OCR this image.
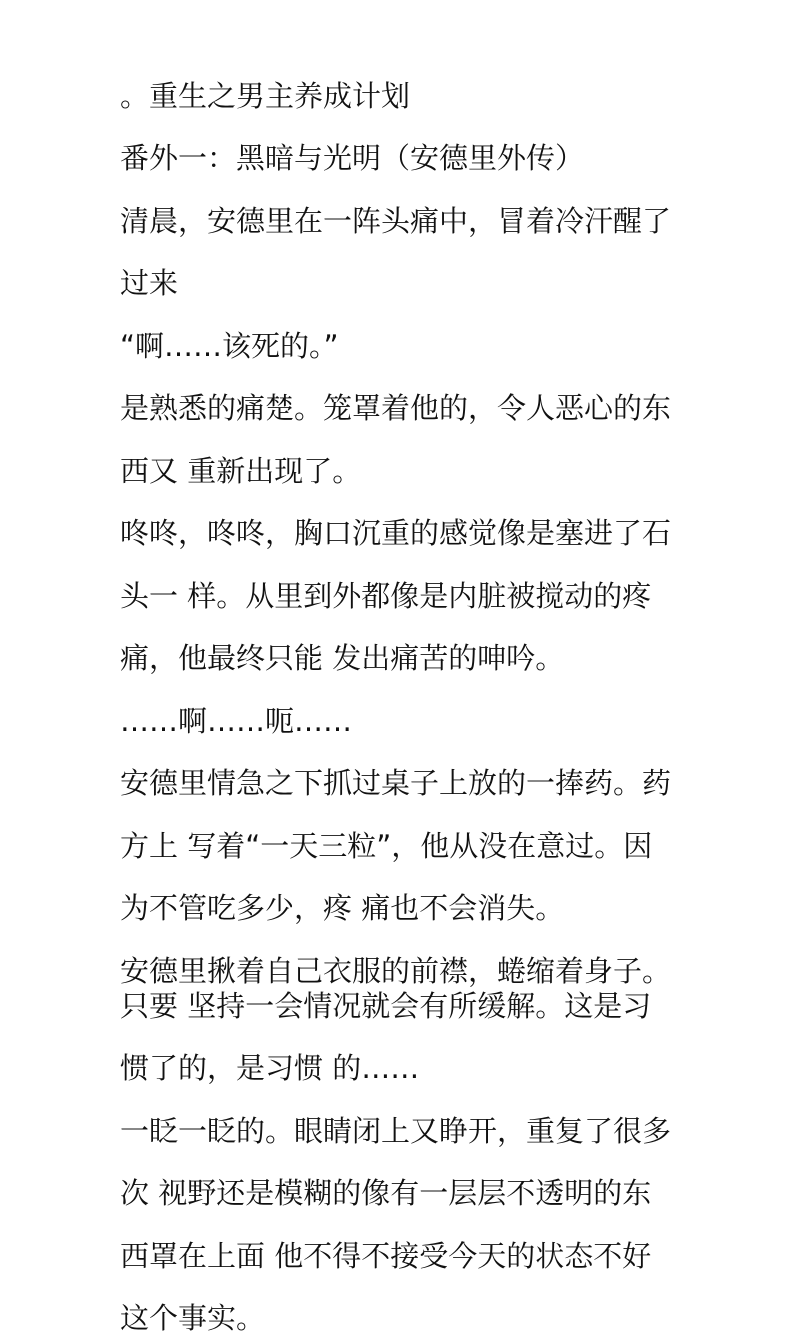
。重生之男主养成计划
番外一：黑暗与光明（安德里外传）
清晨，安德里在一阵头痛中，冒着冷汗醒了
过来
“啊……该死的。”
是熟悉的痛楚。笼罩着他的，令人恶心的东
西又 重新出现了。
咚咚，咚咚，胸口沉重的感觉像是塞进了石
头一 样。从里到外都像是内脏被搅动的疼
痛，他最终只能 发出痛苦的呻吟。
……啊……呃……
安德里情急之下抓过桌子上放的一捧药。药
方上 写着“一天三粒”，他从没在意过。因
为不管吃多少，疼 痛也不会消失。
安德里揪着自己衣服的前襟，蜷缩着身子。
只要 坚持一会情况就会有所缓解。这是习
惯了的，是习惯 的……
一眨一眨的。眼睛闭上又睁开，重复了很多
次 视野还是模糊的像有一层层不透明的东
西罩在上面 他不得不接受今天的状态不好
这个事实。
